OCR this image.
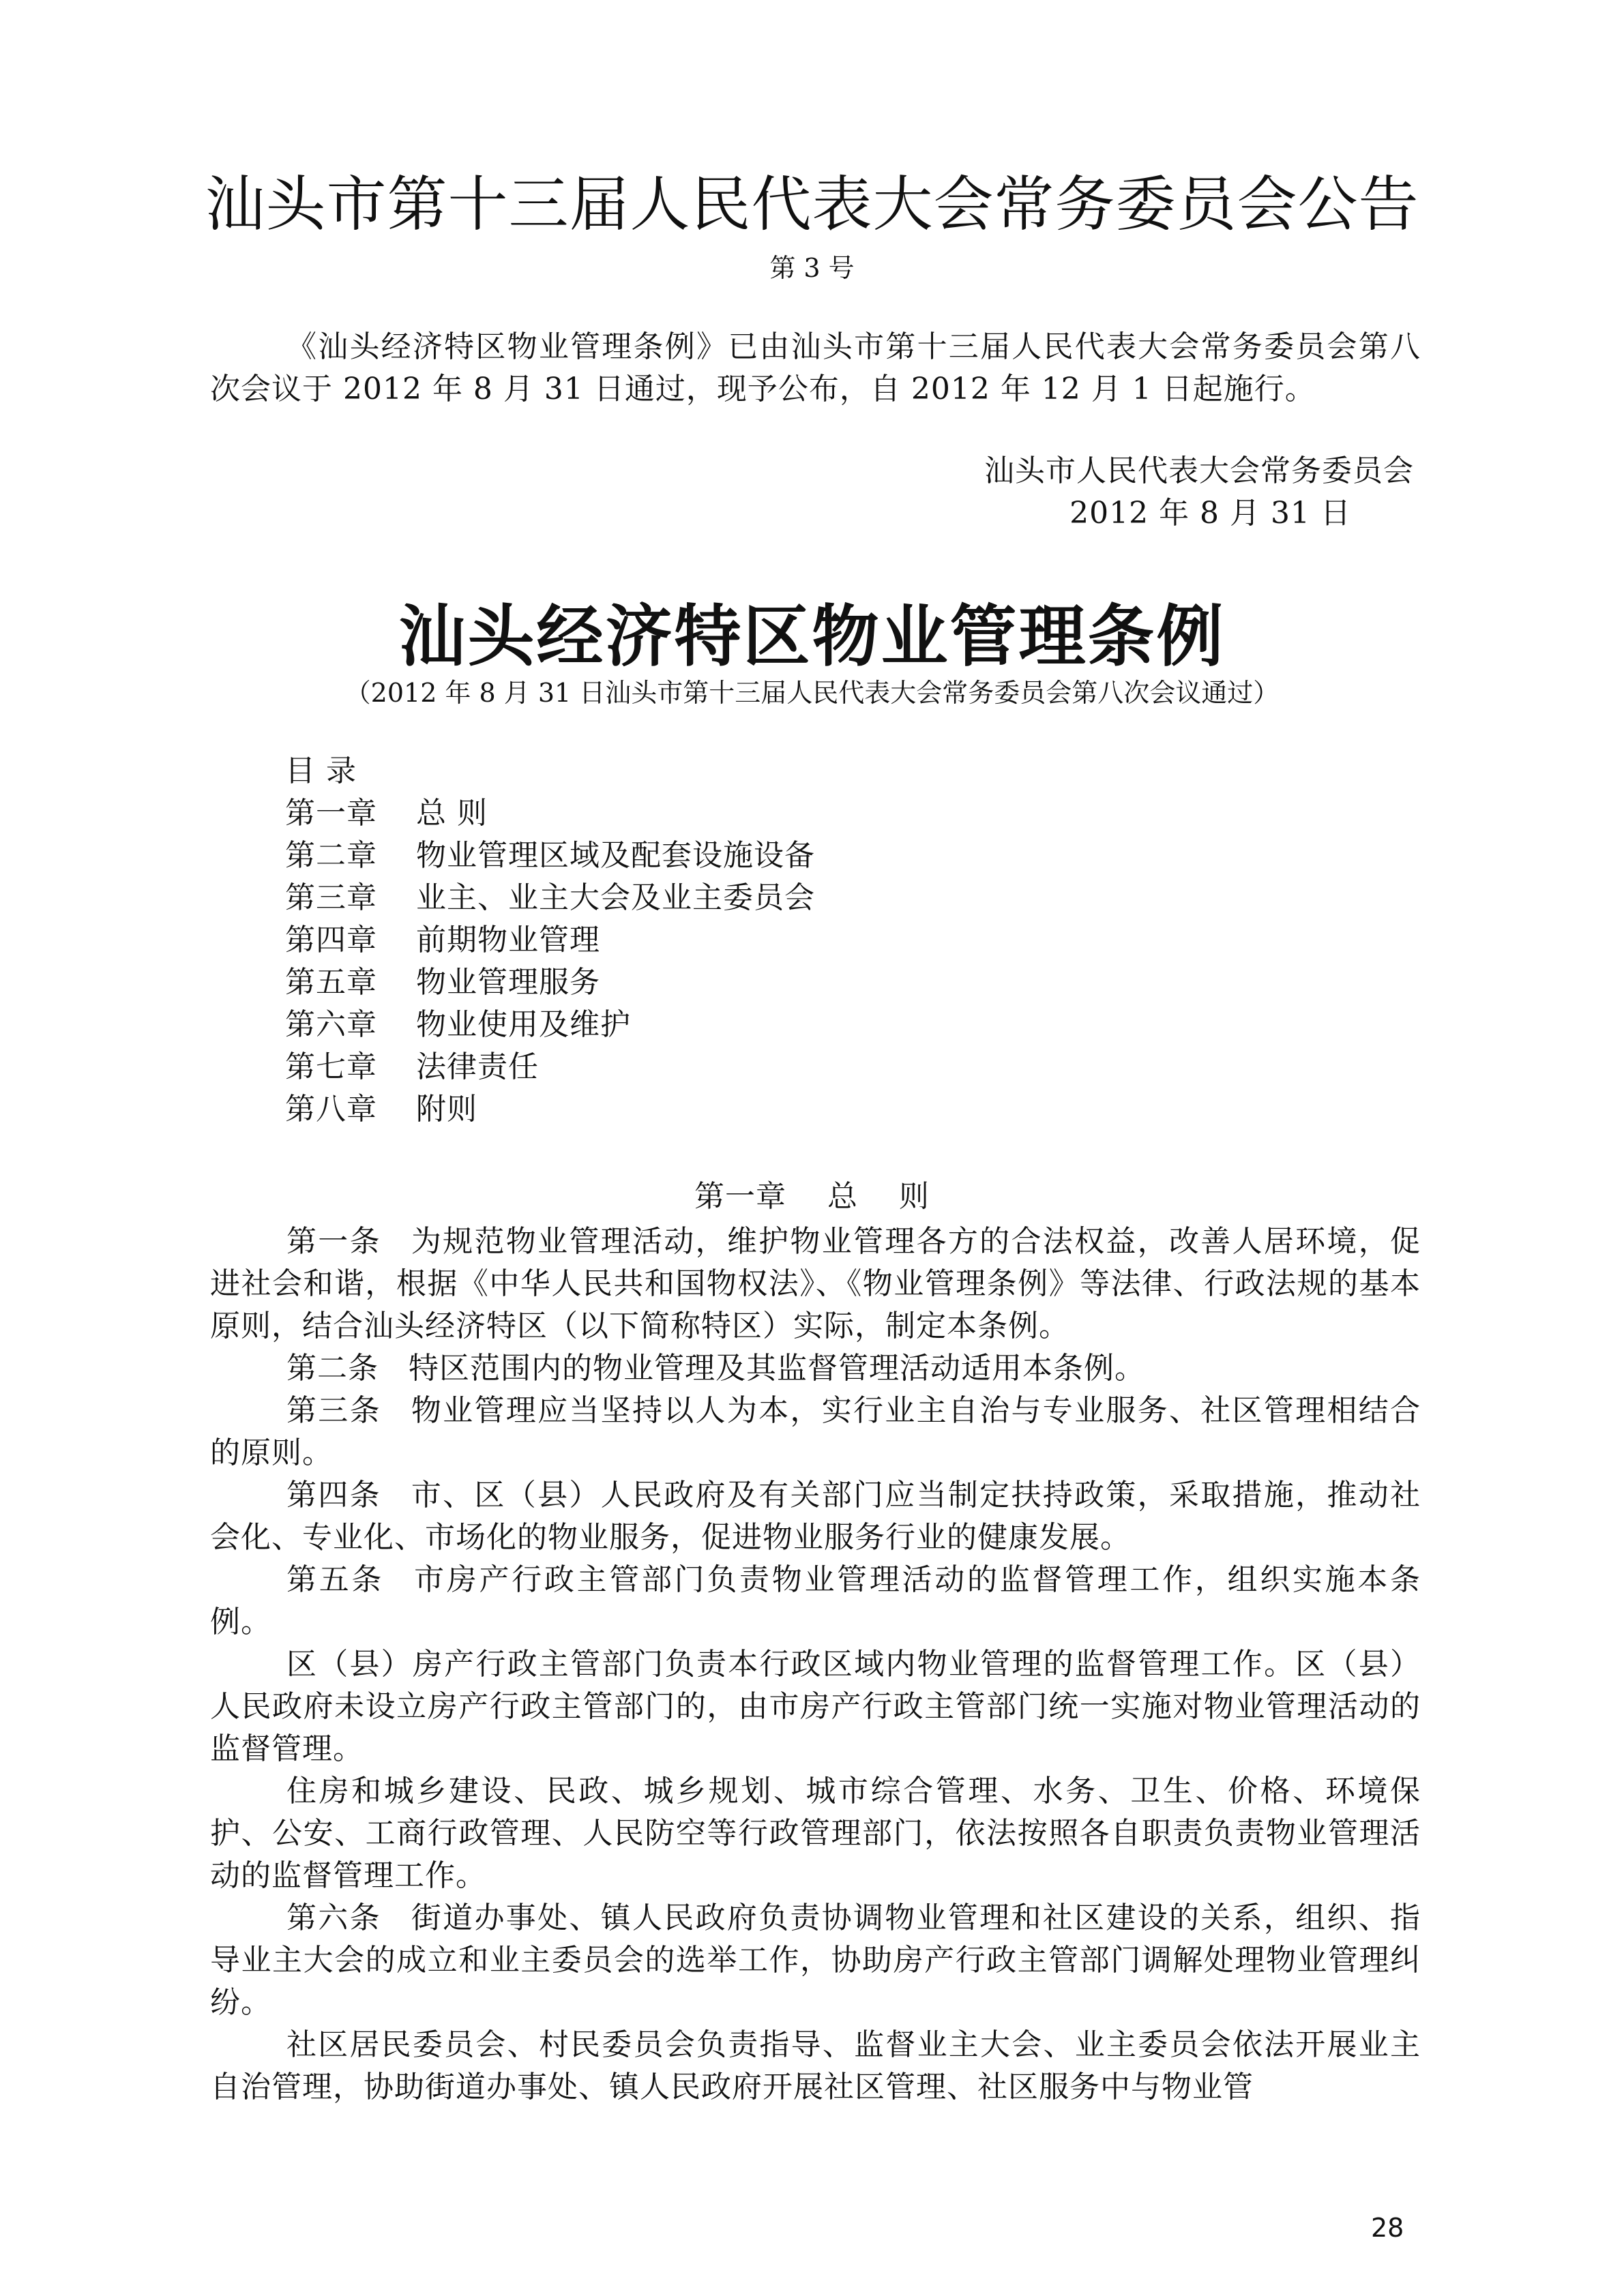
汕头市第十三届人民代表大会常务委员会公告
第 3 号
《汕头经济特区物业管理条例》已由汕头市第十三届人民代表大会常务委员会第八次会议于 2012 年 8 月 31 日通过，现予公布，自 2012 年 12 月 1 日起施行。
汕头市人民代表大会常务委员会
2012 年 8 月 31 日
汕头经济特区物业管理条例
（2012 年 8 月 31 日汕头市第十三届人民代表大会常务委员会第八次会议通过）
目 录
第一章 总 则
第二章 物业管理区域及配套设施设备
第三章 业主、业主大会及业主委员会
第四章 前期物业管理
第五章 物业管理服务
第六章 物业使用及维护
第七章 法律责任
第八章 附则
第一章    总    则

第一条 为规范物业管理活动，维护物业管理各方的合法权益，改善人居环境，促进社会和谐，根据《中华人民共和国物权法》、《物业管理条例》等法律、行政法规的基本原则，结合汕头经济特区（以下简称特区）实际，制定本条例。

第二条 特区范围内的物业管理及其监督管理活动适用本条例。

第三条 物业管理应当坚持以人为本，实行业主自治与专业服务、社区管理相结合的原则。

第四条 市、区（县）人民政府及有关部门应当制定扶持政策，采取措施，推动社会化、专业化、市场化的物业服务，促进物业服务行业的健康发展。

第五条 市房产行政主管部门负责物业管理活动的监督管理工作，组织实施本条例。

区（县）房产行政主管部门负责本行政区域内物业管理的监督管理工作。区（县）人民政府未设立房产行政主管部门的，由市房产行政主管部门统一实施对物业管理活动的监督管理。

住房和城乡建设、民政、城乡规划、城市综合管理、水务、卫生、价格、环境保护、公安、工商行政管理、人民防空等行政管理部门，依法按照各自职责负责物业管理活动的监督管理工作。

第六条 街道办事处、镇人民政府负责协调物业管理和社区建设的关系，组织、指导业主大会的成立和业主委员会的选举工作，协助房产行政主管部门调解处理物业管理纠纷。

社区居民委员会、村民委员会负责指导、监督业主大会、业主委员会依法开展业主自治管理，协助街道办事处、镇人民政府开展社区管理、社区服务中与物业管

28
